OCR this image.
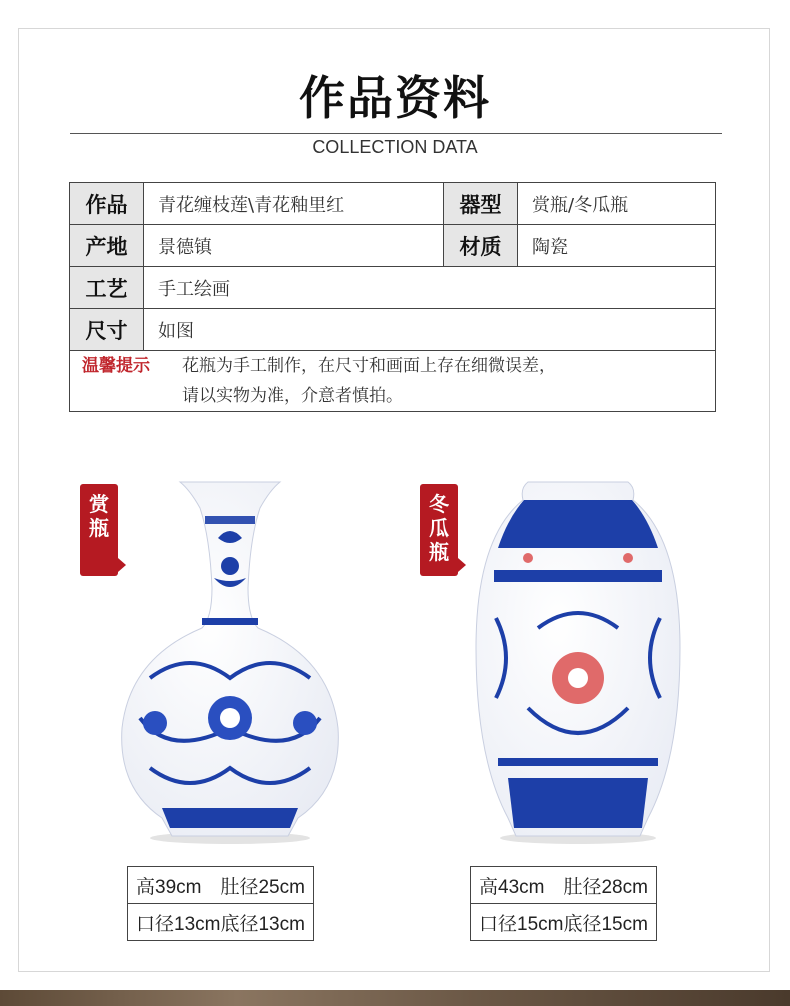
作品资料
COLLECTION DATA
作品	青花缠枝莲\青花釉里红	器型	赏瓶/冬瓜瓶
产地	景德镇	材质	陶瓷
工艺	手工绘画		
尺寸	如图		

温馨提示 花瓶为手工制作，在尺寸和画面上存在细微误差，
请以实物为准，介意者慎拍。			
赏
瓶
高39cm　肚径25cm
口径13cm底径13cm
冬
瓜
瓶
高43cm　肚径28cm
口径15cm底径15cm
